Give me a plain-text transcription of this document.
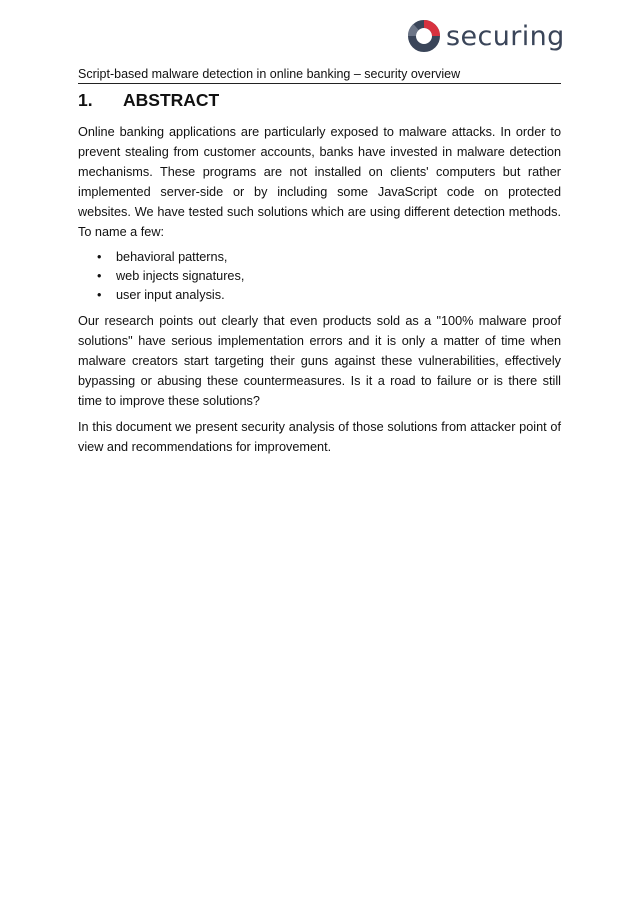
securing
Script-based malware detection in online banking – security overview
1. ABSTRACT

Online banking applications are particularly exposed to malware attacks. In order to prevent stealing from customer accounts, banks have invested in malware detection mechanisms. These programs are not installed on clients' computers but rather implemented server-side or by including some JavaScript code on protected websites. We have tested such solutions which are using different detection methods. To name a few:

• behavioral patterns,
• web injects signatures,
• user input analysis.

Our research points out clearly that even products sold as a "100% malware proof solutions" have serious implementation errors and it is only a matter of time when malware creators start targeting their guns against these vulnerabilities, effectively bypassing or abusing these countermeasures. Is it a road to failure or is there still time to improve these solutions?

In this document we present security analysis of those solutions from attacker point of view and recommendations for improvement.
